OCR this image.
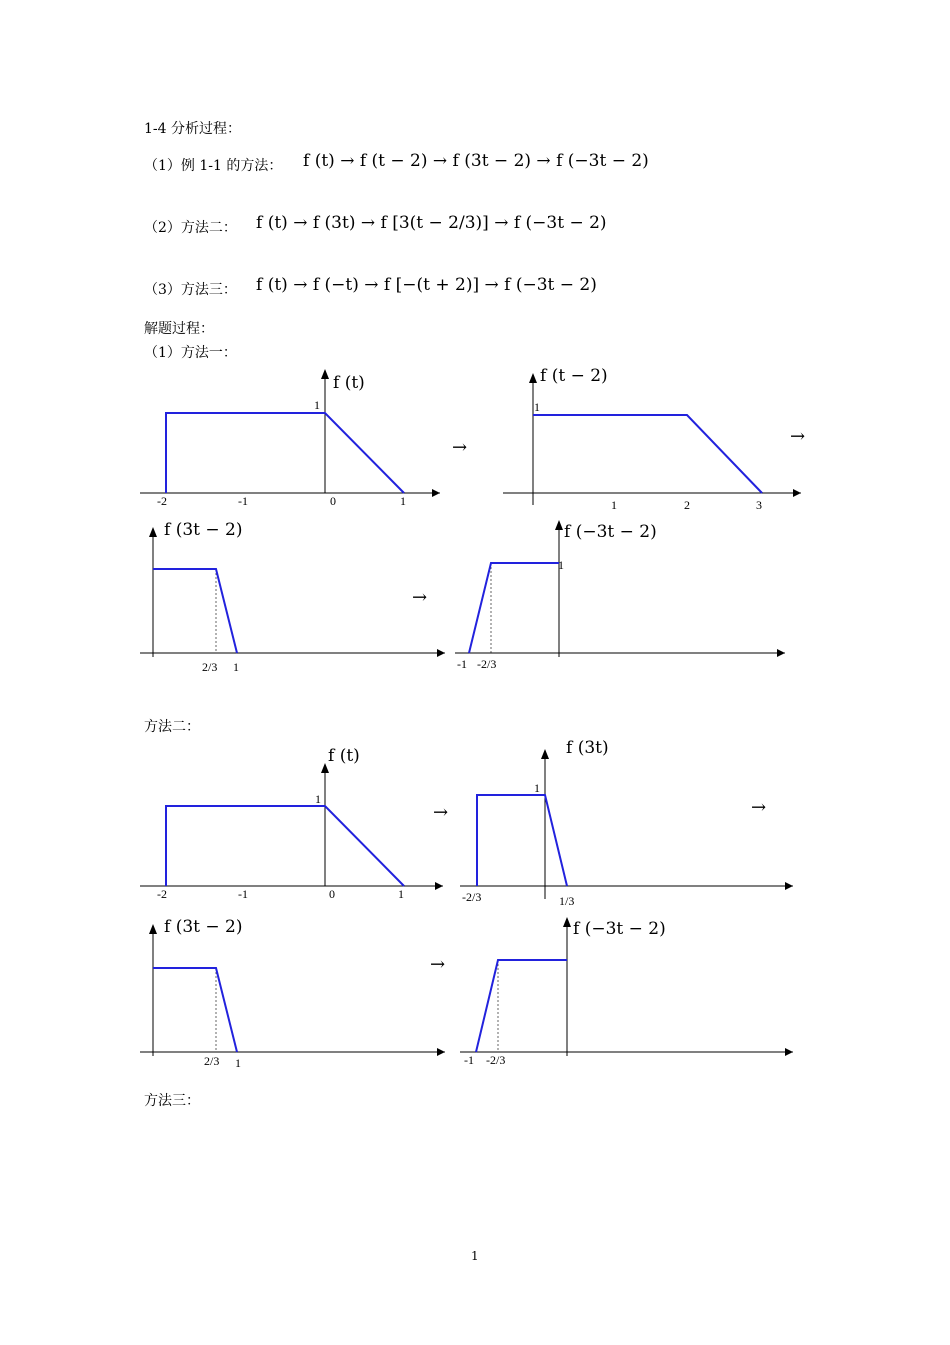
1-4 分析过程：
（1）例 1-1 的方法： f (t) → f (t − 2) → f (3t − 2) → f (−3t − 2)
（2）方法二： f (t) → f (3t) → f [3(t − 2/3)] → f (−3t − 2)
（3）方法三： f (t) → f (−t) → f [−(t + 2)] → f (−3t − 2)
解题过程：
（1）方法一：
f (t)
1
-2	-1	0	1
→
f (t − 2)
1
1	2	3
→
f (3t − 2)
2/3 1
→
f (−3t − 2)
1
-1 -2/3
方法二：
f (t)
1
-2	-1	0	1
→
f (3t)
1
-2/3	1/3
→
f (3t − 2)
2/3 1
→
f (−3t − 2)
-1 -2/3
方法三：
1
